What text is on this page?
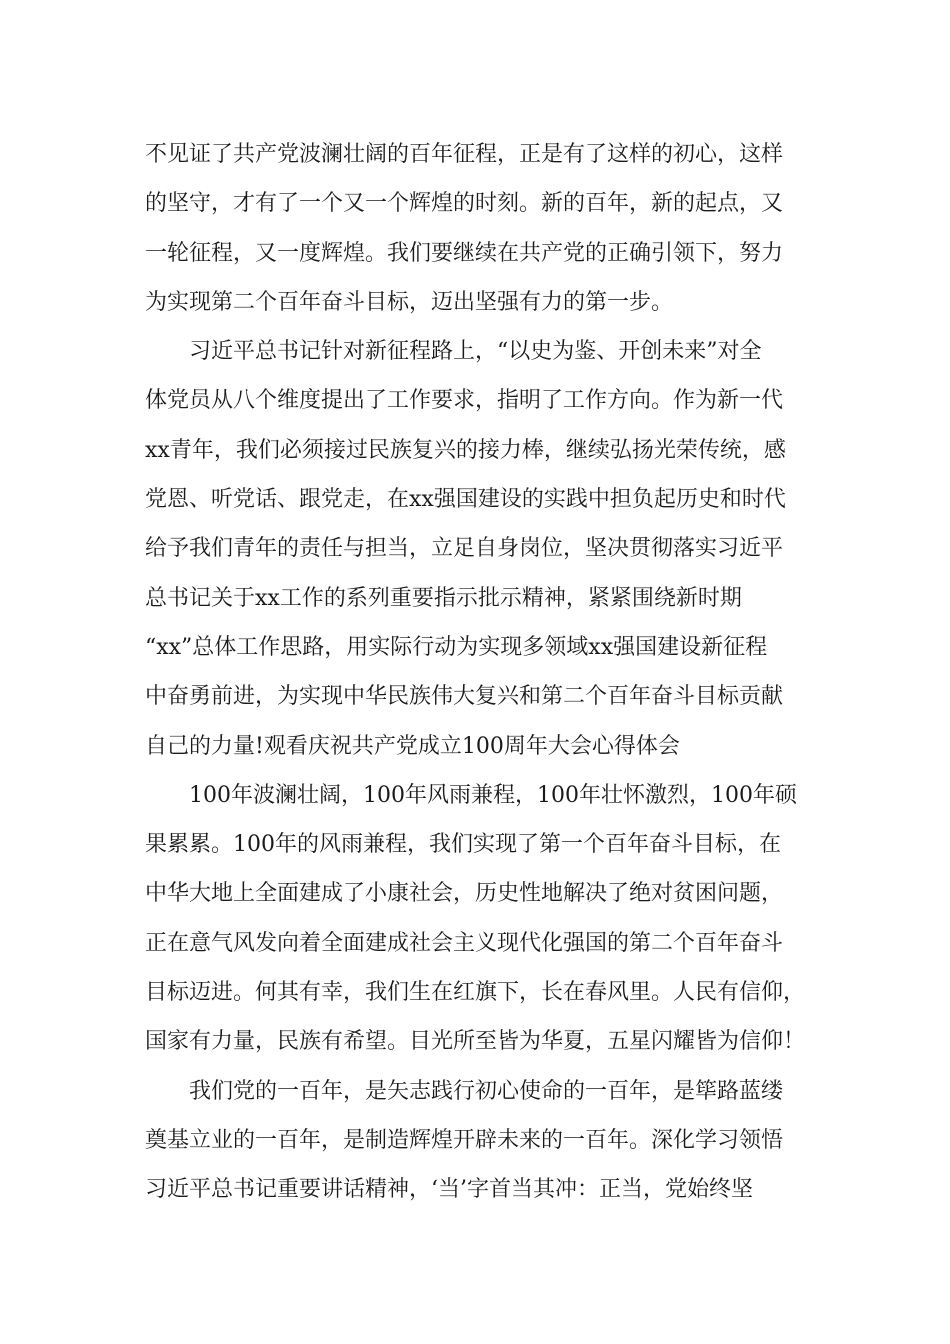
不见证了共产党波澜壮阔的百年征程，正是有了这样的初心，这样
的坚守，才有了一个又一个辉煌的时刻。新的百年，新的起点，又
一轮征程，又一度辉煌。我们要继续在共产党的正确引领下，努力
为实现第二个百年奋斗目标，迈出坚强有力的第一步。
习近平总书记针对新征程路上，“以史为鉴、开创未来”对全
体党员从八个维度提出了工作要求，指明了工作方向。作为新一代
xx青年，我们必须接过民族复兴的接力棒，继续弘扬光荣传统，感
党恩、听党话、跟党走，在xx强国建设的实践中担负起历史和时代
给予我们青年的责任与担当，立足自身岗位，坚决贯彻落实习近平
总书记关于xx工作的系列重要指示批示精神，紧紧围绕新时期
“xx”总体工作思路，用实际行动为实现多领域xx强国建设新征程
中奋勇前进，为实现中华民族伟大复兴和第二个百年奋斗目标贡献
自己的力量!观看庆祝共产党成立100周年大会心得体会
100年波澜壮阔，100年风雨兼程，100年壮怀激烈，100年硕
果累累。100年的风雨兼程，我们实现了第一个百年奋斗目标，在
中华大地上全面建成了小康社会，历史性地解决了绝对贫困问题，
正在意气风发向着全面建成社会主义现代化强国的第二个百年奋斗
目标迈进。何其有幸，我们生在红旗下，长在春风里。人民有信仰，
国家有力量，民族有希望。目光所至皆为华夏，五星闪耀皆为信仰！
我们党的一百年，是矢志践行初心使命的一百年，是筚路蓝缕
奠基立业的一百年，是制造辉煌开辟未来的一百年。深化学习领悟
习近平总书记重要讲话精神，‘当’字首当其冲：正当，党始终坚
